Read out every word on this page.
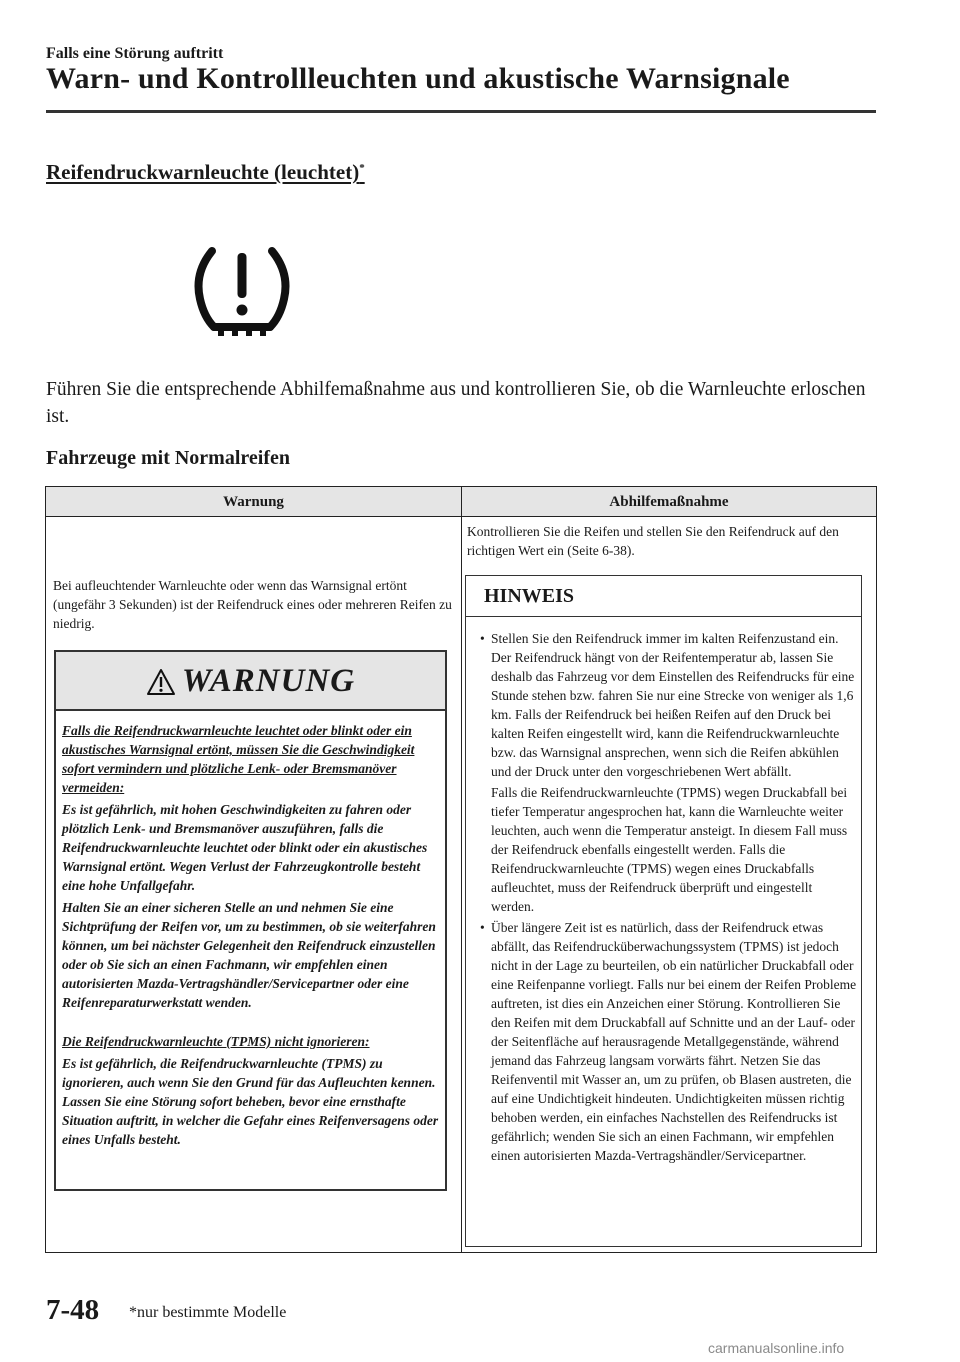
Falls eine Störung auftritt
Warn- und Kontrollleuchten und akustische Warnsignale
Reifendruckwarnleuchte (leuchtet)*
Führen Sie die entsprechende Abhilfemaßnahme aus und kontrollieren Sie, ob die Warnleuchte erloschen ist.
Fahrzeuge mit Normalreifen
Warnung	Abhilfemaßnahme
Bei aufleuchtender Warnleuchte oder wenn das Warnsignal ertönt (ungefähr 3 Sekunden) ist der Reifendruck eines oder mehreren Reifen zu niedrig.
WARNUNG

Falls die Reifendruckwarnleuchte leuchtet oder blinkt oder ein akustisches Warnsignal ertönt, müssen Sie die Geschwindigkeit sofort vermindern und plötzliche Lenk- oder Bremsmanöver vermeiden:

Es ist gefährlich, mit hohen Geschwindigkeiten zu fahren oder plötzlich Lenk- und Bremsmanöver auszuführen, falls die Reifendruckwarnleuchte leuchtet oder blinkt oder ein akustisches Warnsignal ertönt. Wegen Verlust der Fahrzeugkontrolle besteht eine hohe Unfallgefahr.

Halten Sie an einer sicheren Stelle an und nehmen Sie eine Sichtprüfung der Reifen vor, um zu bestimmen, ob sie weiterfahren können, um bei nächster Gelegenheit den Reifendruck einzustellen oder ob Sie sich an einen Fachmann, wir empfehlen einen autorisierten Mazda-Vertragshändler/Servicepartner oder eine Reifenreparaturwerkstatt wenden.

Die Reifendruckwarnleuchte (TPMS) nicht ignorieren:

Es ist gefährlich, die Reifendruckwarnleuchte (TPMS) zu ignorieren, auch wenn Sie den Grund für das Aufleuchten kennen. Lassen Sie eine Störung sofort beheben, bevor eine ernsthafte Situation auftritt, in welcher die Gefahr eines Reifenversagens oder eines Unfalls besteht.

Kontrollieren Sie die Reifen und stellen Sie den Reifendruck auf den richtigen Wert ein (Seite 6-38).
HINWEIS
• Stellen Sie den Reifendruck immer im kalten Reifenzustand ein. Der Reifendruck hängt von der Reifentemperatur ab, lassen Sie deshalb das Fahrzeug vor dem Einstellen des Reifendrucks für eine Stunde stehen bzw. fahren Sie nur eine Strecke von weniger als 1,6 km. Falls der Reifendruck bei heißen Reifen auf den Druck bei kalten Reifen eingestellt wird, kann die Reifendruckwarnleuchte bzw. das Warnsignal ansprechen, wenn sich die Reifen abkühlen und der Druck unter den vorgeschriebenen Wert abfällt.

Falls die Reifendruckwarnleuchte (TPMS) wegen Druckabfall bei tiefer Temperatur angesprochen hat, kann die Warnleuchte weiter leuchten, auch wenn die Temperatur ansteigt. In diesem Fall muss der Reifendruck ebenfalls eingestellt werden. Falls die Reifendruckwarnleuchte (TPMS) wegen eines Druckabfalls aufleuchtet, muss der Reifendruck überprüft und eingestellt werden.

• Über längere Zeit ist es natürlich, dass der Reifendruck etwas abfällt, das Reifendrucküberwachungssystem (TPMS) ist jedoch nicht in der Lage zu beurteilen, ob ein natürlicher Druckabfall oder eine Reifenpanne vorliegt. Falls nur bei einem der Reifen Probleme auftreten, ist dies ein Anzeichen einer Störung. Kontrollieren Sie den Reifen mit dem Druckabfall auf Schnitte und an der Lauf- oder der Seitenfläche auf herausragende Metallgegenstände, während jemand das Fahrzeug langsam vorwärts fährt. Netzen Sie das Reifenventil mit Wasser an, um zu prüfen, ob Blasen austreten, die auf eine Undichtigkeit hindeuten. Undichtigkeiten müssen richtig behoben werden, ein einfaches Nachstellen des Reifendrucks ist gefährlich; wenden Sie sich an einen Fachmann, wir empfehlen einen autorisierten Mazda-Vertragshändler/Servicepartner.

7-48 *nur bestimmte Modelle
carmanualsonline.info
